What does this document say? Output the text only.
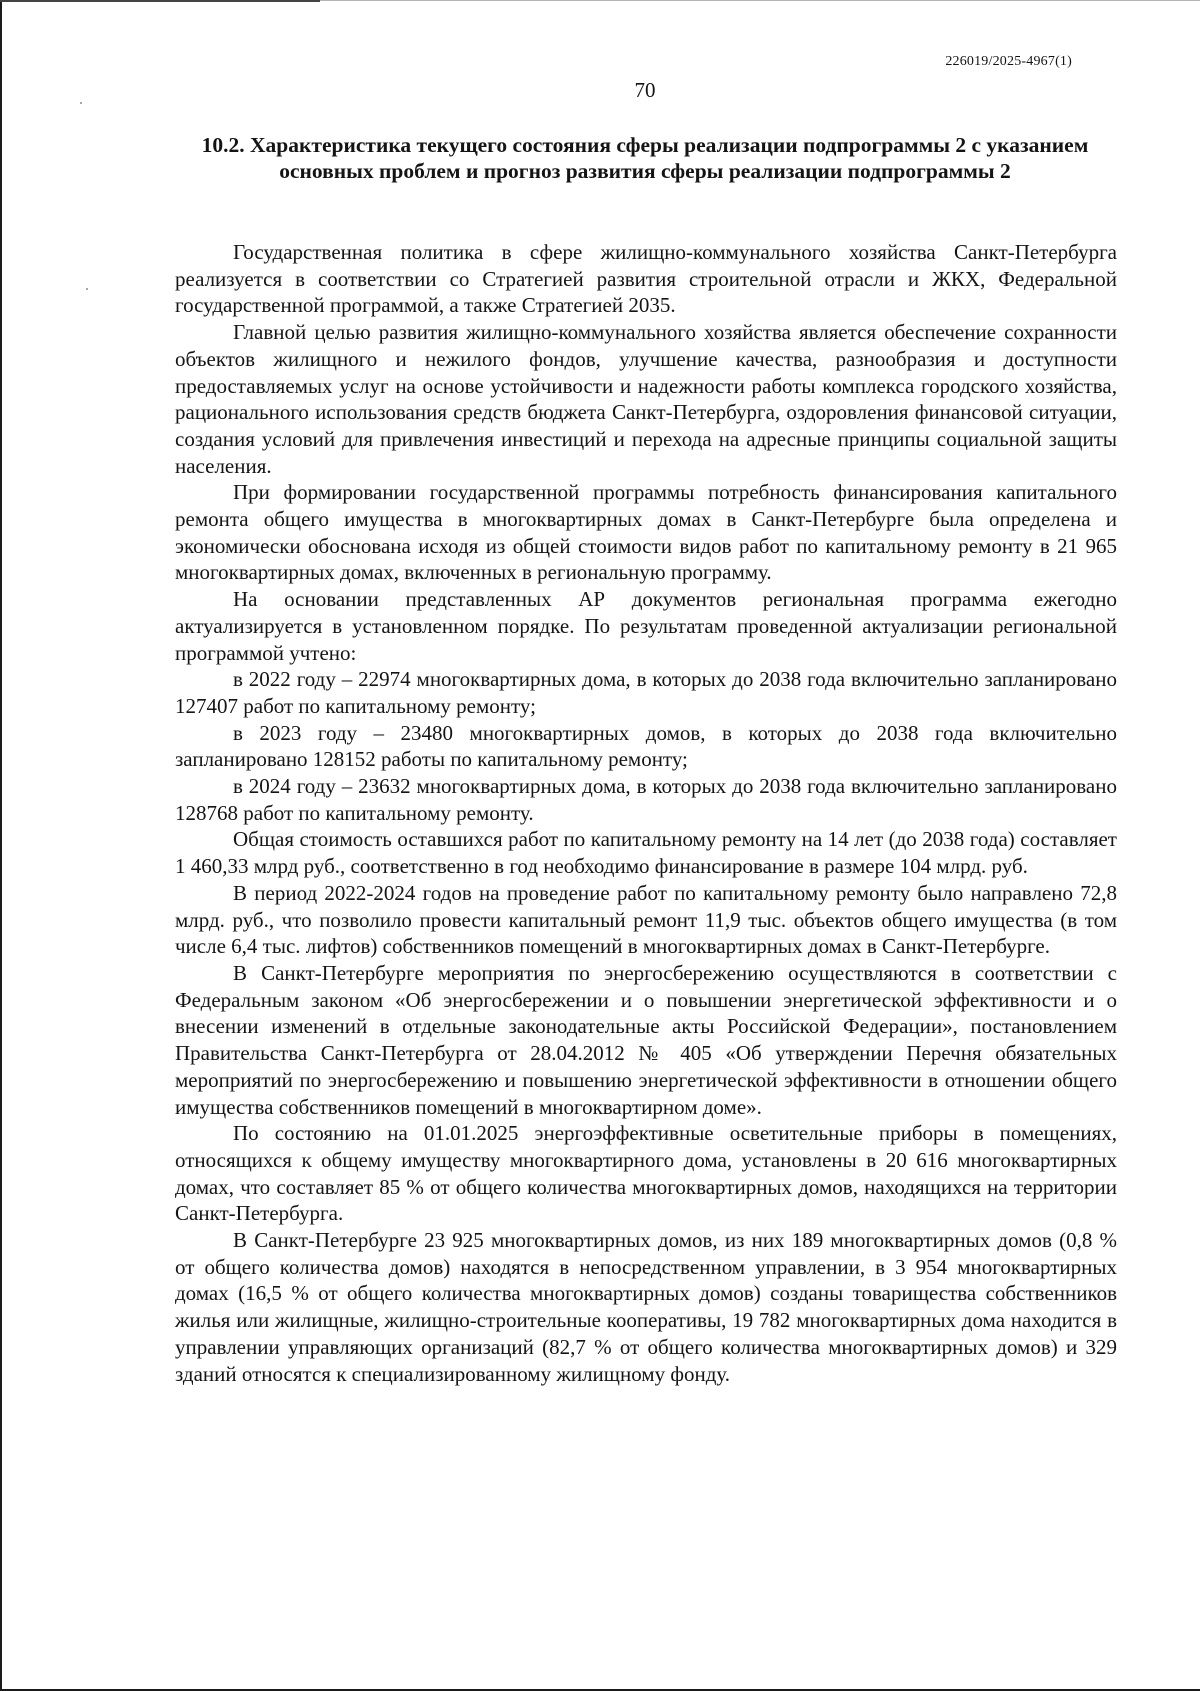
226019/2025-4967(1)
70
10.2. Характеристика текущего состояния сферы реализации подпрограммы 2 с указанием основных проблем и прогноз развития сферы реализации подпрограммы 2

Государственная политика в сфере жилищно-коммунального хозяйства Санкт-Петербурга реализуется в соответствии со Стратегией развития строительной отрасли и ЖКХ, Федеральной государственной программой, а также Стратегией 2035.

Главной целью развития жилищно-коммунального хозяйства является обеспечение сохранности объектов жилищного и нежилого фондов, улучшение качества, разнообразия и доступности предоставляемых услуг на основе устойчивости и надежности работы комплекса городского хозяйства, рационального использования средств бюджета Санкт-Петербурга, оздоровления финансовой ситуации, создания условий для привлечения инвестиций и перехода на адресные принципы социальной защиты населения.

При формировании государственной программы потребность финансирования капитального ремонта общего имущества в многоквартирных домах в Санкт-Петербурге была определена и экономически обоснована исходя из общей стоимости видов работ по капитальному ремонту в 21 965 многоквартирных домах, включенных в региональную программу.

На основании представленных АР документов региональная программа ежегодно актуализируется в установленном порядке. По результатам проведенной актуализации региональной программой учтено:

в 2022 году – 22974 многоквартирных дома, в которых до 2038 года включительно запланировано 127407 работ по капитальному ремонту;

в 2023 году – 23480 многоквартирных домов, в которых до 2038 года включительно запланировано 128152 работы по капитальному ремонту;

в 2024 году – 23632 многоквартирных дома, в которых до 2038 года включительно запланировано 128768 работ по капитальному ремонту.

Общая стоимость оставшихся работ по капитальному ремонту на 14 лет (до 2038 года) составляет 1 460,33 млрд руб., соответственно в год необходимо финансирование в размере 104 млрд. руб.

В период 2022-2024 годов на проведение работ по капитальному ремонту было направлено 72,8 млрд. руб., что позволило провести капитальный ремонт 11,9 тыс. объектов общего имущества (в том числе 6,4 тыс. лифтов) собственников помещений в многоквартирных домах в Санкт-Петербурге.

В Санкт-Петербурге мероприятия по энергосбережению осуществляются в соответствии с Федеральным законом «Об энергосбережении и о повышении энергетической эффективности и о внесении изменений в отдельные законодательные акты Российской Федерации», постановлением Правительства Санкт-Петербурга от 28.04.2012 № 405 «Об утверждении Перечня обязательных мероприятий по энергосбережению и повышению энергетической эффективности в отношении общего имущества собственников помещений в многоквартирном доме».

По состоянию на 01.01.2025 энергоэффективные осветительные приборы в помещениях, относящихся к общему имуществу многоквартирного дома, установлены в 20 616 многоквартирных домах, что составляет 85 % от общего количества многоквартирных домов, находящихся на территории Санкт-Петербурга.

В Санкт-Петербурге 23 925 многоквартирных домов, из них 189 многоквартирных домов (0,8 % от общего количества домов) находятся в непосредственном управлении, в 3 954 многоквартирных домах (16,5 % от общего количества многоквартирных домов) созданы товарищества собственников жилья или жилищные, жилищно-строительные кооперативы, 19 782 многоквартирных дома находится в управлении управляющих организаций (82,7 % от общего количества многоквартирных домов) и 329 зданий относятся к специализированному жилищному фонду.
